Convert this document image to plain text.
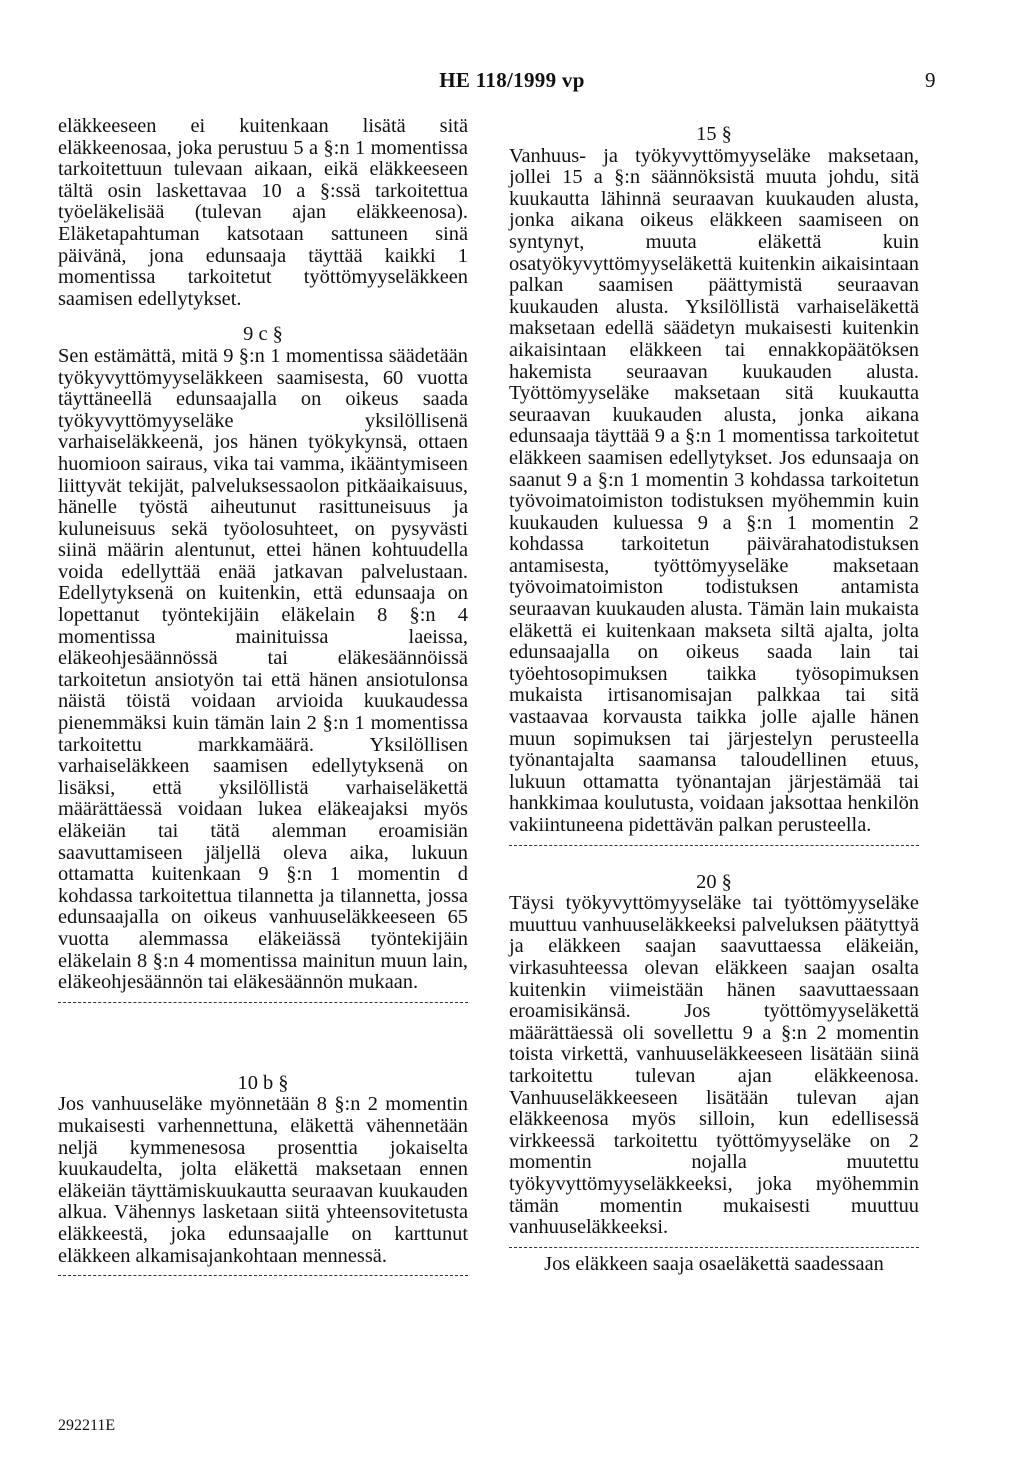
HE 118/1999 vp	9

eläkkeeseen ei kuitenkaan lisätä sitä eläkkeenosaa, joka perustuu 5 a §:n 1 momentissa tarkoitettuun tulevaan aikaan, eikä eläkkeeseen tältä osin laskettavaa 10 a §:ssä tarkoitettua työeläkelisää (tulevan ajan eläkkeenosa). Eläketapahtuman katsotaan sattuneen sinä päivänä, jona edunsaaja täyttää kaikki 1 momentissa tarkoitetut työttömyyseläkkeen saamisen edellytykset.

9 c §

Sen estämättä, mitä 9 §:n 1 momentissa säädetään työkyvyttömyyseläkkeen saamisesta, 60 vuotta täyttäneellä edunsaajalla on oikeus saada työkyvyttömyyseläke yksilöllisenä varhaiseläkkeenä, jos hänen työkykynsä, ottaen huomioon sairaus, vika tai vamma, ikääntymiseen liittyvät tekijät, palveluksessaolon pitkäaikaisuus, hänelle työstä aiheutunut rasittuneisuus ja kuluneisuus sekä työolosuhteet, on pysyvästi siinä määrin alentunut, ettei hänen kohtuudella voida edellyttää enää jatkavan palvelustaan. Edellytyksenä on kuitenkin, että edunsaaja on lopettanut työntekijäin eläkelain 8 §:n 4 momentissa mainituissa laeissa, eläkeohjesäännössä tai eläkesäännöissä tarkoitetun ansiotyön tai että hänen ansiotulonsa näistä töistä voidaan arvioida kuukaudessa pienemmäksi kuin tämän lain 2 §:n 1 momentissa tarkoitettu markkamäärä. Yksilöllisen varhaiseläkkeen saamisen edellytyksenä on lisäksi, että yksilöllistä varhaiseläkettä määrättäessä voidaan lukea eläkeajaksi myös eläkeiän tai tätä alemman eroamisiän saavuttamiseen jäljellä oleva aika, lukuun ottamatta kuitenkaan 9 §:n 1 momentin d kohdassa tarkoitettua tilannetta ja tilannetta, jossa edunsaajalla on oikeus vanhuuseläkkeeseen 65 vuotta alemmassa eläkeiässä työntekijäin eläkelain 8 §:n 4 momentissa mainitun muun lain, eläkeohjesäännön tai eläkesäännön mukaan.

10 b §

Jos vanhuuseläke myönnetään 8 §:n 2 momentin mukaisesti varhennettuna, eläkettä vähennetään neljä kymmenesosa prosenttia jokaiselta kuukaudelta, jolta eläkettä maksetaan ennen eläkeiän täyttämiskuukautta seuraavan kuukauden alkua. Vähennys lasketaan siitä yhteensovitetusta eläkkeestä, joka edunsaajalle on karttunut eläkkeen alkamisajankohtaan mennessä.

15 §

Vanhuus- ja työkyvyttömyyseläke maksetaan, jollei 15 a §:n säännöksistä muuta johdu, sitä kuukautta lähinnä seuraavan kuukauden alusta, jonka aikana oikeus eläkkeen saamiseen on syntynyt, muuta eläkettä kuin osatyökyvyttömyyseläkettä kuitenkin aikaisintaan palkan saamisen päättymistä seuraavan kuukauden alusta. Yksilöllistä varhaiseläkettä maksetaan edellä säädetyn mukaisesti kuitenkin aikaisintaan eläkkeen tai ennakkopäätöksen hakemista seuraavan kuukauden alusta. Työttömyyseläke maksetaan sitä kuukautta seuraavan kuukauden alusta, jonka aikana edunsaaja täyttää 9 a §:n 1 momentissa tarkoitetut eläkkeen saamisen edellytykset. Jos edunsaaja on saanut 9 a §:n 1 momentin 3 kohdassa tarkoitetun työvoimatoimiston todistuksen myöhemmin kuin kuukauden kuluessa 9 a §:n 1 momentin 2 kohdassa tarkoitetun päivärahatodistuksen antamisesta, työttömyyseläke maksetaan työvoimatoimiston todistuksen antamista seuraavan kuukauden alusta. Tämän lain mukaista eläkettä ei kuitenkaan makseta siltä ajalta, jolta edunsaajalla on oikeus saada lain tai työehtosopimuksen taikka työsopimuksen mukaista irtisanomisajan palkkaa tai sitä vastaavaa korvausta taikka jolle ajalle hänen muun sopimuksen tai järjestelyn perusteella työnantajalta saamansa taloudellinen etuus, lukuun ottamatta työnantajan järjestämää tai hankkimaa koulutusta, voidaan jaksottaa henkilön vakiintuneena pidettävän palkan perusteella.

20 §

Täysi työkyvyttömyyseläke tai työttömyyseläke muuttuu vanhuuseläkkeeksi palveluksen päätyttyä ja eläkkeen saajan saavuttaessa eläkeiän, virkasuhteessa olevan eläkkeen saajan osalta kuitenkin viimeistään hänen saavuttaessaan eroamisikänsä. Jos työttömyyseläkettä määrättäessä oli sovellettu 9 a §:n 2 momentin toista virkettä, vanhuuseläkkeeseen lisätään siinä tarkoitettu tulevan ajan eläkkeenosa. Vanhuuseläkkeeseen lisätään tulevan ajan eläkkeenosa myös silloin, kun edellisessä virkkeessä tarkoitettu työttömyyseläke on 2 momentin nojalla muutettu työkyvyttömyyseläkkeeksi, joka myöhemmin tämän momentin mukaisesti muuttuu vanhuuseläkkeeksi.

Jos eläkkeen saaja osaeläkettä saadessaan
292211E
